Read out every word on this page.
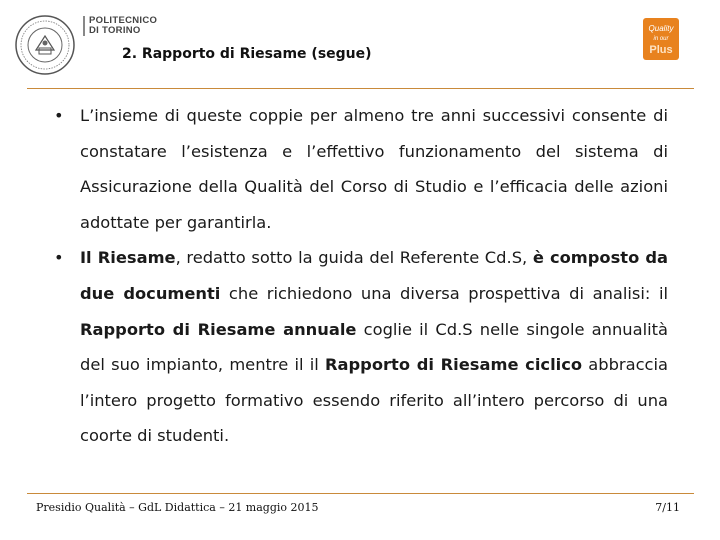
POLITECNICO
DI TORINO
2. Rapporto di Riesame (segue)
Quality
in our
Plus
• L’insieme di queste coppie per almeno tre anni successivi consente di constatare l’esistenza e l’effettivo funzionamento del sistema di Assicurazione della Qualità del Corso di Studio e l’efficacia delle azioni adottate per garantirla.
• Il Riesame, redatto sotto la guida del Referente Cd.S, è composto da due documenti che richiedono una diversa prospettiva di analisi: il Rapporto di Riesame annuale coglie il Cd.S nelle singole annualità del suo impianto, mentre il il Rapporto di Riesame ciclico abbraccia l’intero progetto formativo essendo riferito all’intero percorso di una coorte di studenti.
Presidio Qualità – GdL Didattica – 21 maggio 2015	7/11
